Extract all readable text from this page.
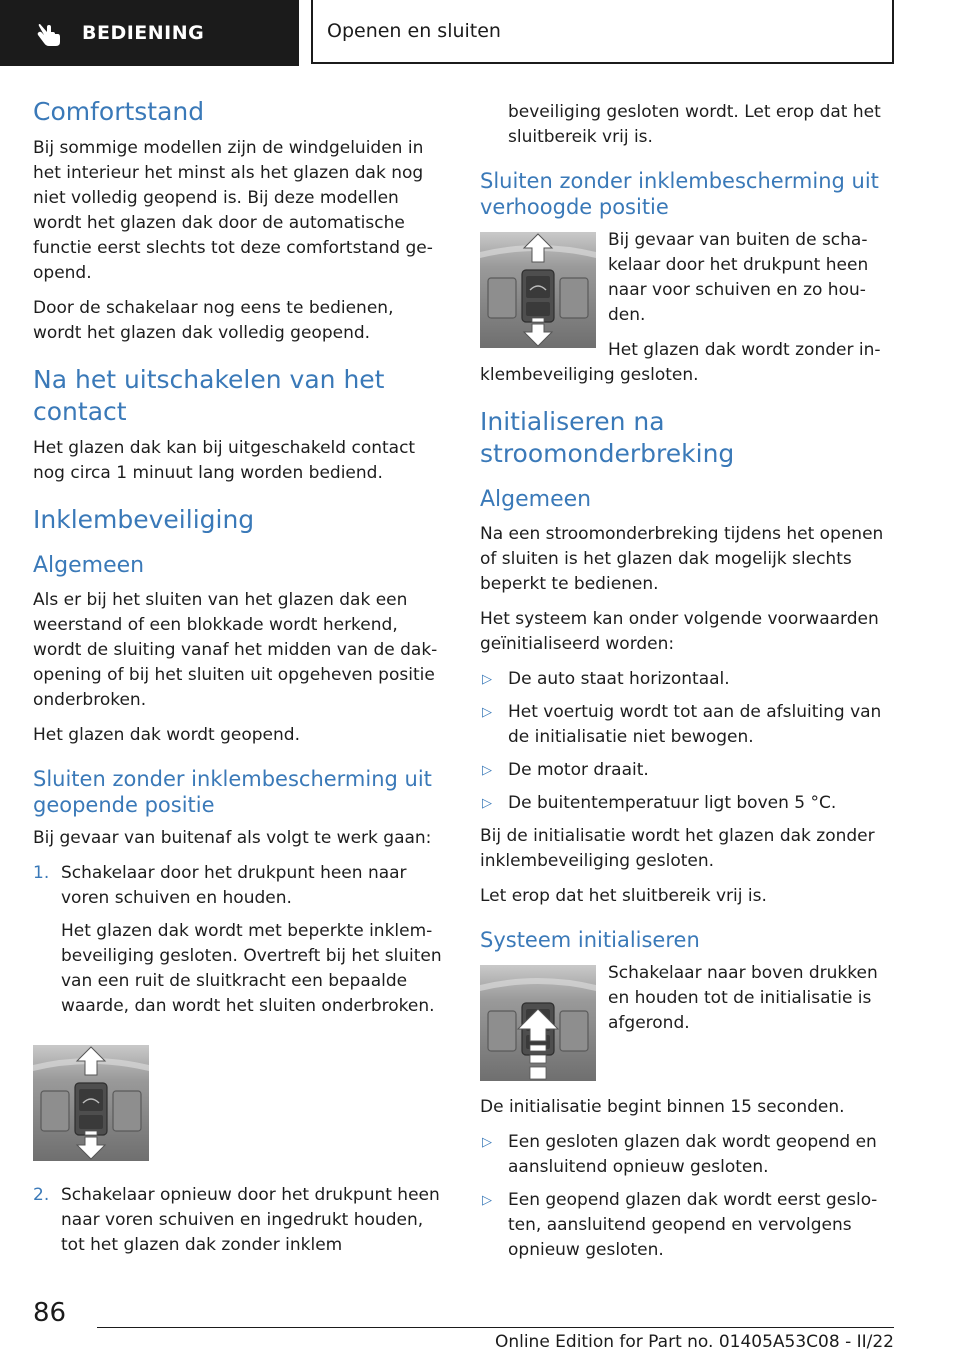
BEDIENING	Openen en sluiten
Comfortstand

Bij sommige modellen zijn de windgeluiden in het interieur het minst als het glazen dak nog niet volledig geopend is. Bij deze modellen wordt het glazen dak door de automatische functie eerst slechts tot deze comfortstand geopend.

Door de schakelaar nog eens te bedienen, wordt het glazen dak volledig geopend.

Na het uitschakelen van het contact

Het glazen dak kan bij uitgeschakeld contact nog circa 1 minuut lang worden bediend.

Inklembeveiliging
Algemeen

Als er bij het sluiten van het glazen dak een weerstand of een blokkade wordt herkend, wordt de sluiting vanaf het midden van de dakopening of bij het sluiten uit opgeheven positie onderbroken.

Het glazen dak wordt geopend.

Sluiten zonder inklembescherming uit geopende positie

Bij gevaar van buitenaf als volgt te werk gaan:

1. Schakelaar door het drukpunt heen naar voren schuiven en houden.

Het glazen dak wordt met beperkte inklembeveiliging gesloten. Overtreft bij het sluiten van een ruit de sluitkracht een bepaalde waarde, dan wordt het sluiten onderbroken.

2. Schakelaar opnieuw door het drukpunt heen naar voren schuiven en ingedrukt houden, tot het glazen dak zonder inklem

beveiliging gesloten wordt. Let erop dat het sluitbereik vrij is.

Sluiten zonder inklembescherming uit verhoogde positie

Bij gevaar van buiten de schakelaar door het drukpunt heen naar voor schuiven en zo houden.

Het glazen dak wordt zonder inklembeveiliging gesloten.

Initialiseren na stroomonderbreking
Algemeen

Na een stroomonderbreking tijdens het openen of sluiten is het glazen dak mogelijk slechts beperkt te bedienen.

Het systeem kan onder volgende voorwaarden geïnitialiseerd worden:

▷ De auto staat horizontaal.
▷ Het voertuig wordt tot aan de afsluiting van de initialisatie niet bewogen.
▷ De motor draait.
▷ De buitentemperatuur ligt boven 5 °C.

Bij de initialisatie wordt het glazen dak zonder inklembeveiliging gesloten.

Let erop dat het sluitbereik vrij is.

Systeem initialiseren

Schakelaar naar boven drukken en houden tot de initialisatie is afgerond.

De initialisatie begint binnen 15 seconden.

▷ Een gesloten glazen dak wordt geopend en aansluitend opnieuw gesloten.
▷ Een geopend glazen dak wordt eerst gesloten, aansluitend geopend en vervolgens opnieuw gesloten.
86
Online Edition for Part no. 01405A53C08 - II/22
